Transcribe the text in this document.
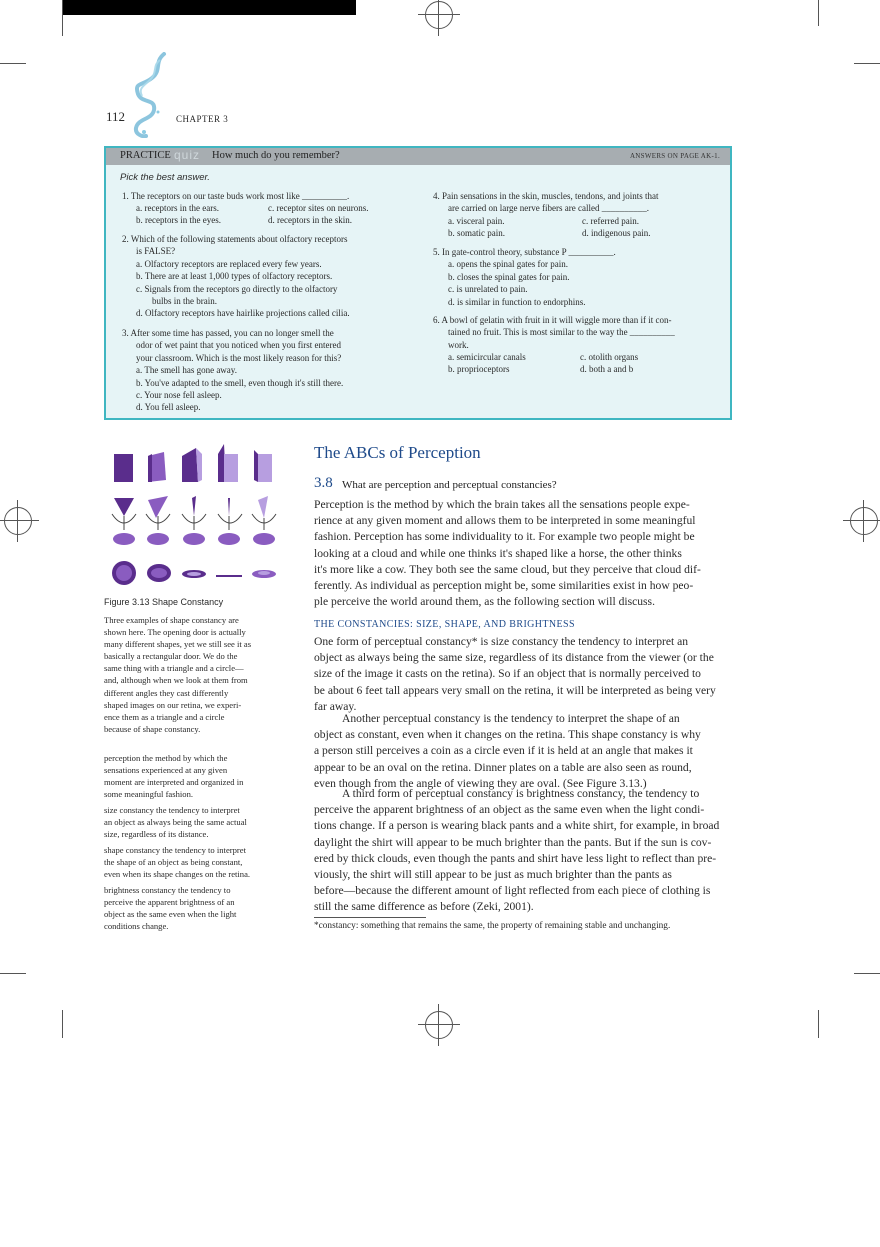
112	CHAPTER 3
PRACTICE quiz How much do you remember?	ANSWERS ON PAGE AK-1.
Pick the best answer.
1. The receptors on our taste buds work most like __________.
a. receptors in the ears.
b. receptors in the eyes.
c. receptor sites on neurons.
d. receptors in the skin.
2. Which of the following statements about olfactory receptors
is FALSE?
a. Olfactory receptors are replaced every few years.
b. There are at least 1,000 types of olfactory receptors.
c. Signals from the receptors go directly to the olfactory
bulbs in the brain.
d. Olfactory receptors have hairlike projections called cilia.
3. After some time has passed, you can no longer smell the
odor of wet paint that you noticed when you first entered
your classroom. Which is the most likely reason for this?
a. The smell has gone away.
b. You've adapted to the smell, even though it's still there.
c. Your nose fell asleep.
d. You fell asleep.
4. Pain sensations in the skin, muscles, tendons, and joints that
are carried on large nerve fibers are called __________.
a. visceral pain.
b. somatic pain.
c. referred pain.
d. indigenous pain.
5. In gate-control theory, substance P __________.
a. opens the spinal gates for pain.
b. closes the spinal gates for pain.
c. is unrelated to pain.
d. is similar in function to endorphins.
6. A bowl of gelatin with fruit in it will wiggle more than if it con-
tained no fruit. This is most similar to the way the __________
work.
a. semicircular canals
b. proprioceptors
c. otolith organs
d. both a and b
Figure 3.13 Shape Constancy
Three examples of shape constancy are
shown here. The opening door is actually
many different shapes, yet we still see it as
basically a rectangular door. We do the
same thing with a triangle and a circle—
and, although when we look at them from
different angles they cast differently
shaped images on our retina, we experi-
ence them as a triangle and a circle
because of shape constancy.
perception the method by which the
sensations experienced at any given
moment are interpreted and organized in
some meaningful fashion.
size constancy the tendency to interpret
an object as always being the same actual
size, regardless of its distance.
shape constancy the tendency to interpret
the shape of an object as being constant,
even when its shape changes on the retina.
brightness constancy the tendency to
perceive the apparent brightness of an
object as the same even when the light
conditions change.
The ABCs of Perception
3.8 What are perception and perceptual constancies?
Perception is the method by which the brain takes all the sensations people expe-
rience at any given moment and allows them to be interpreted in some meaningful
fashion. Perception has some individuality to it. For example two people might be
looking at a cloud and while one thinks it's shaped like a horse, the other thinks
it's more like a cow. They both see the same cloud, but they perceive that cloud dif-
ferently. As individual as perception might be, some similarities exist in how peo-
ple perceive the world around them, as the following section will discuss.
THE CONSTANCIES: SIZE, SHAPE, AND BRIGHTNESS
One form of perceptual constancy* is size constancy the tendency to interpret an
object as always being the same size, regardless of its distance from the viewer (or the
size of the image it casts on the retina). So if an object that is normally perceived to
be about 6 feet tall appears very small on the retina, it will be interpreted as being very
far away.
Another perceptual constancy is the tendency to interpret the shape of an
object as constant, even when it changes on the retina. This shape constancy is why
a person still perceives a coin as a circle even if it is held at an angle that makes it
appear to be an oval on the retina. Dinner plates on a table are also seen as round,
even though from the angle of viewing they are oval. (See Figure 3.13.)
A third form of perceptual constancy is brightness constancy, the tendency to
perceive the apparent brightness of an object as the same even when the light condi-
tions change. If a person is wearing black pants and a white shirt, for example, in broad
daylight the shirt will appear to be much brighter than the pants. But if the sun is cov-
ered by thick clouds, even though the pants and shirt have less light to reflect than pre-
viously, the shirt will still appear to be just as much brighter than the pants as
before—because the different amount of light reflected from each piece of clothing is
still the same difference as before (Zeki, 2001).
*constancy: something that remains the same, the property of remaining stable and unchanging.
